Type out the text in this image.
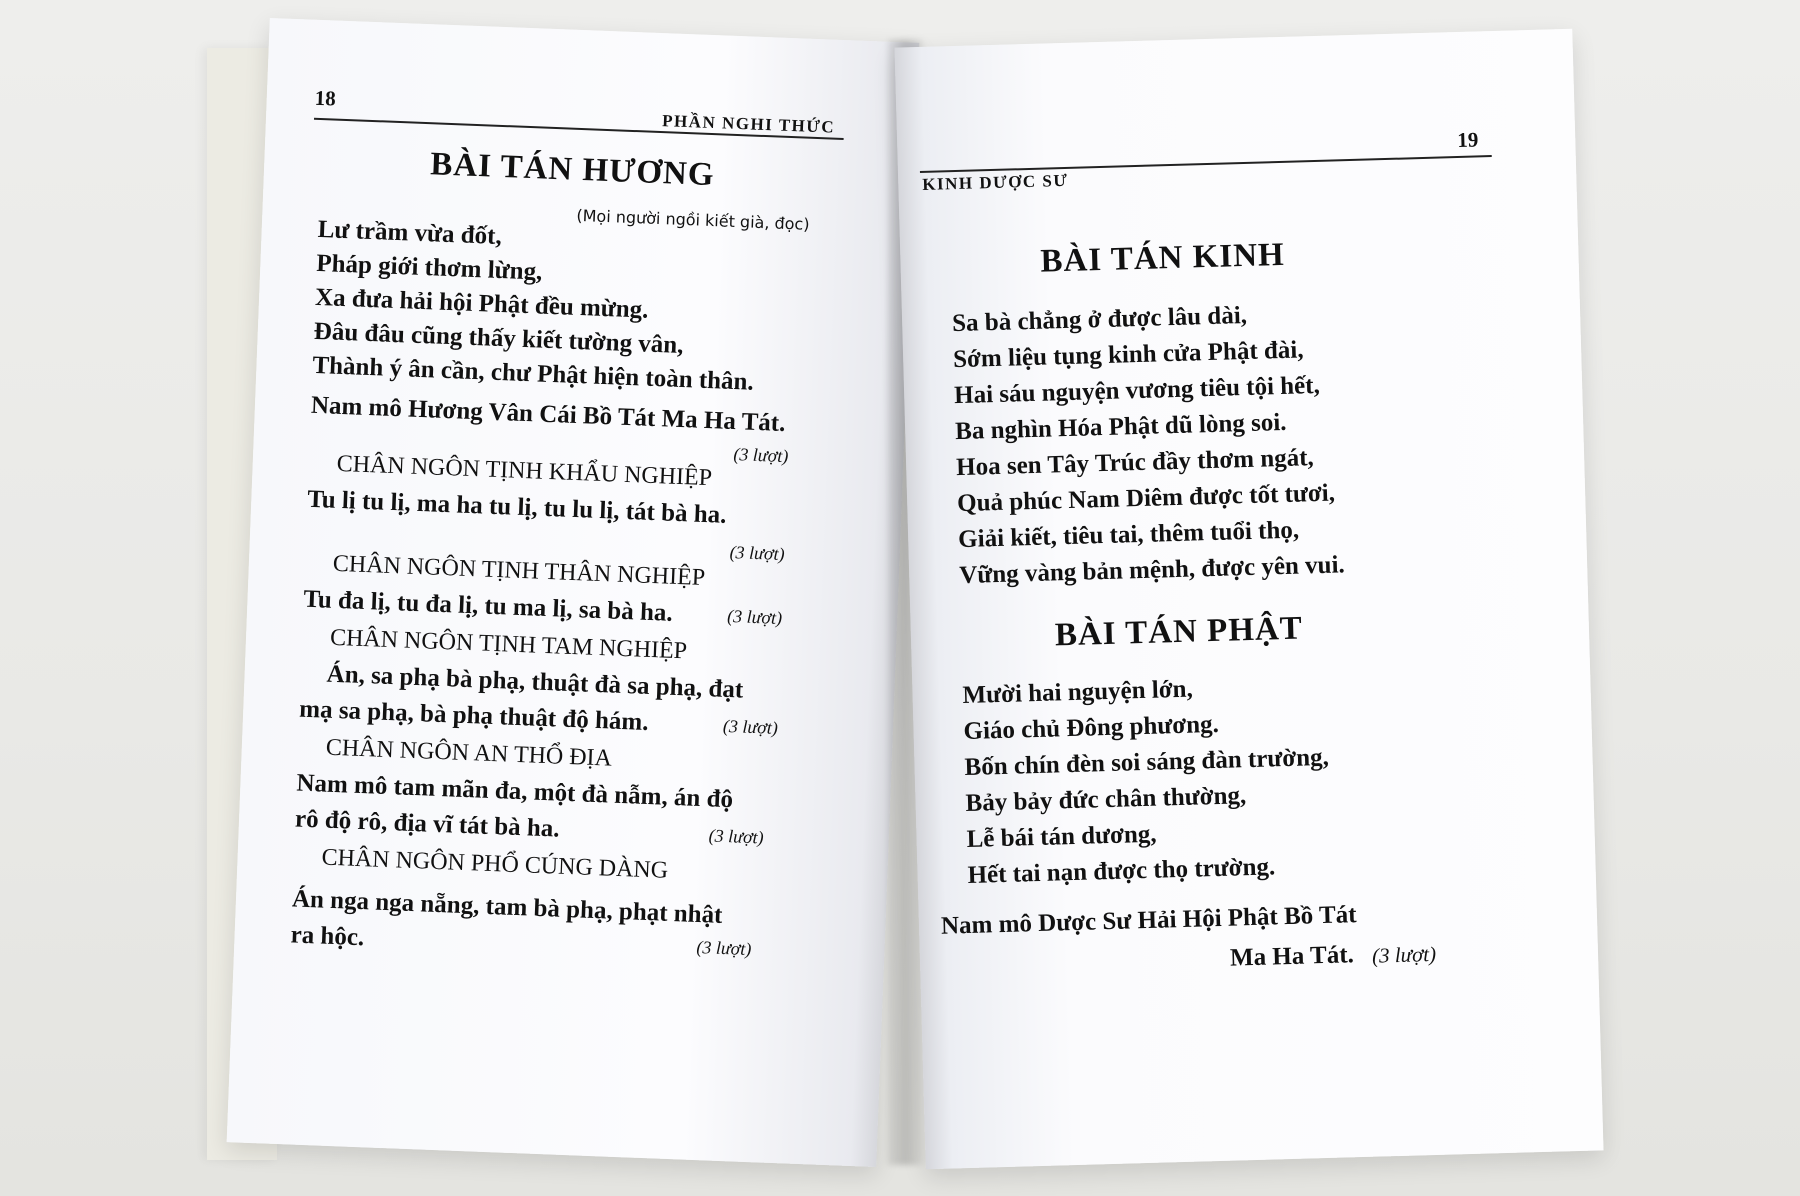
18
PHẦN NGHI THỨC
BÀI TÁN HƯƠNG
(Mọi người ngồi kiết già, đọc)
Lư trầm vừa đốt,
Pháp giới thơm lừng,
Xa đưa hải hội Phật đều mừng.
Đâu đâu cũng thấy kiết tường vân,
Thành ý ân cần, chư Phật hiện toàn thân.
Nam mô Hương Vân Cái Bồ Tát Ma Ha Tát.
(3 lượt)
CHÂN NGÔN TỊNH KHẨU NGHIỆP
Tu lị tu lị, ma ha tu lị, tu lu lị, tát bà ha.
(3 lượt)
CHÂN NGÔN TỊNH THÂN NGHIỆP
Tu đa lị, tu đa lị, tu ma lị, sa bà ha.	(3 lượt)
CHÂN NGÔN TỊNH TAM NGHIỆP
Án, sa phạ bà phạ, thuật đà sa phạ, đạt
mạ sa phạ, bà phạ thuật độ hám.	(3 lượt)
CHÂN NGÔN AN THỔ ĐỊA
Nam mô tam mãn đa, một đà nẫm, án độ
rô độ rô, địa vĩ tát bà ha.	(3 lượt)
CHÂN NGÔN PHỔ CÚNG DÀNG
Án nga nga nẵng, tam bà phạ, phạt nhật
ra hộc.	(3 lượt)
KINH DƯỢC SƯ
19
BÀI TÁN KINH
Sa bà chẳng ở được lâu dài,
Sớm liệu tụng kinh cửa Phật đài,
Hai sáu nguyện vương tiêu tội hết,
Ba nghìn Hóa Phật dũ lòng soi.
Hoa sen Tây Trúc đầy thơm ngát,
Quả phúc Nam Diêm được tốt tươi,
Giải kiết, tiêu tai, thêm tuổi thọ,
Vững vàng bản mệnh, được yên vui.
BÀI TÁN PHẬT
Mười hai nguyện lớn,
Giáo chủ Đông phương.
Bốn chín đèn soi sáng đàn trường,
Bảy bảy đức chân thường,
Lễ bái tán dương,
Hết tai nạn được thọ trường.
Nam mô Dược Sư Hải Hội Phật Bồ Tát
Ma Ha Tát. (3 lượt)
